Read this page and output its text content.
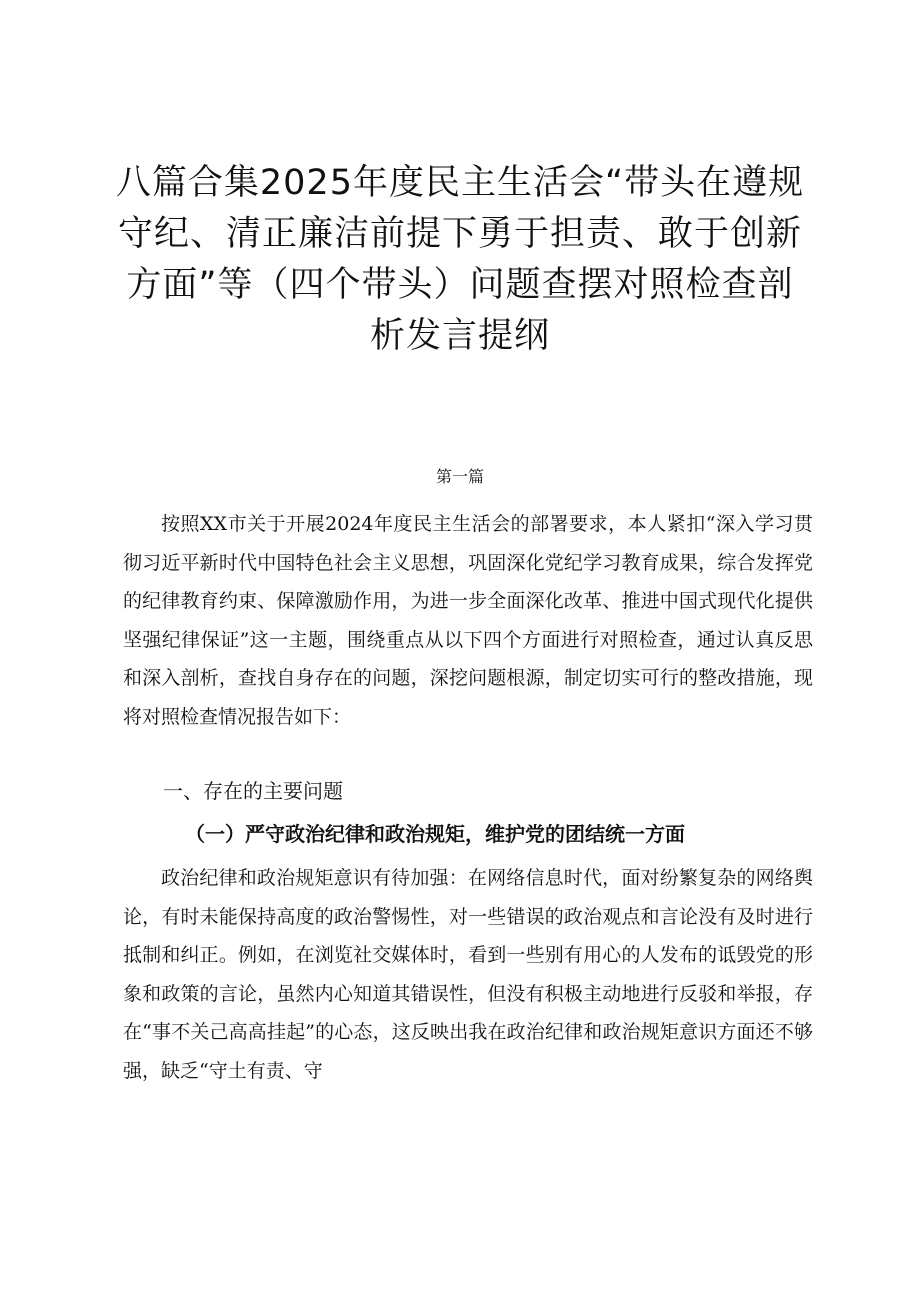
八篇合集2025年度民主生活会“带头在遵规守纪、清正廉洁前提下勇于担责、敢于创新方面”等（四个带头）问题查摆对照检查剖析发言提纲
第一篇

按照XX市关于开展2024年度民主生活会的部署要求，本人紧扣“深入学习贯彻习近平新时代中国特色社会主义思想，巩固深化党纪学习教育成果，综合发挥党的纪律教育约束、保障激励作用，为进一步全面深化改革、推进中国式现代化提供坚强纪律保证”这一主题，围绕重点从以下四个方面进行对照检查，通过认真反思和深入剖析，查找自身存在的问题，深挖问题根源，制定切实可行的整改措施，现将对照检查情况报告如下：

一、存在的主要问题
（一）严守政治纪律和政治规矩，维护党的团结统一方面

政治纪律和政治规矩意识有待加强：在网络信息时代，面对纷繁复杂的网络舆论，有时未能保持高度的政治警惕性，对一些错误的政治观点和言论没有及时进行抵制和纠正。例如，在浏览社交媒体时，看到一些别有用心的人发布的诋毁党的形象和政策的言论，虽然内心知道其错误性，但没有积极主动地进行反驳和举报，存在“事不关己高高挂起”的心态，这反映出我在政治纪律和政治规矩意识方面还不够强，缺乏“守土有责、守
